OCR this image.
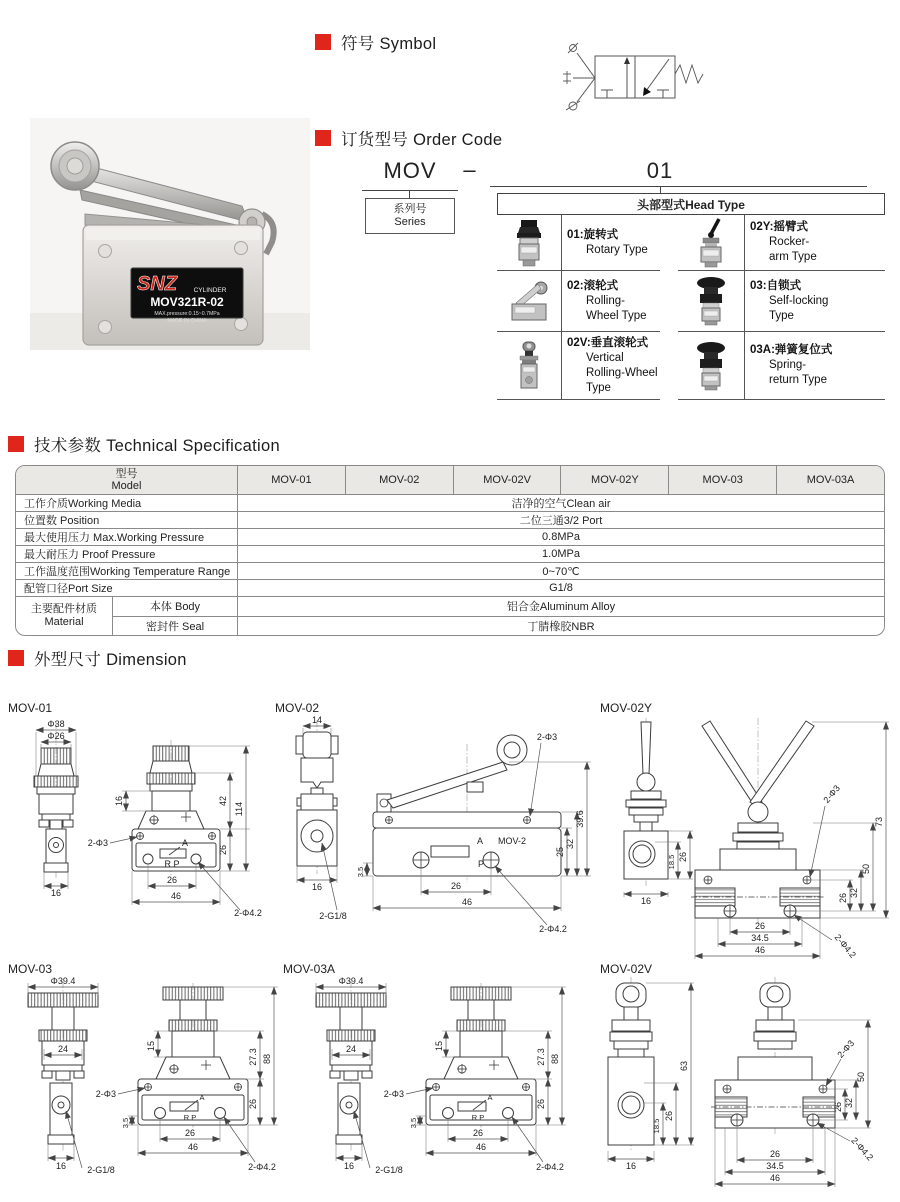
符号 Symbol
SNZ	CYLINDER
MOV321R-02
MAX.pressure:0.15~0.7MPa
MADE IN CHINA
订货型号 Order Code
MOV	–	01
系列号
Series
头部型式Head Type
01:旋转式
Rotary Type
02:滚轮式
Rolling-
Wheel Type
02V:垂直滚轮式
Vertical
Rolling-Wheel
Type
02Y:摇臂式
Rocker-
arm Type
03:自锁式
Self-locking
Type
03A:弹簧复位式
Spring-
return Type
技术参数 Technical Specification
型号
Model	MOV-01	MOV-02	MOV-02V	MOV-02Y	MOV-03	MOV-03A
工作介质Working Media	洁净的空气Clean air
位置数 Position	二位三通3/2 Port
最大使用压力 Max.Working Pressure	0.8MPa
最大耐压力 Proof Pressure	1.0MPa
工作温度范围Working Temperature Range	0~70℃
配管口径Port Size	G1/8
主要配件材质
Material
本体 Body	铝合金Aluminum Alloy
密封件 Seal	丁腈橡胶NBR
外型尺寸 Dimension
MOV-01	MOV-02	MOV-02Y
MOV-03	MOV-03A	MOV-02V
Φ38
Φ26
16
16	42
26
114
2-Φ3	A
R P
26
46
2-Φ4.2
14
16
2-G1/8
2-Φ3
25
32
39.6
A MOV-2
P
3.5
26
46
2-Φ4.2
16
18.5 26
2-Φ3
26 32
50
73
26
34.5
46	2-Φ4.2
Φ39.4
24
16 2-G1/8
15
27.3
26
88
2-Φ3
3.5
A
R P
26
46
2-Φ4.2
Φ39.4
24
16 2-G1/8
15
27.3
26
88
2-Φ3
3.5
A
R P
26
46
2-Φ4.2
63
26
18.5
16
2-Φ3
26 32
50
26
34.5
46
2-Φ4.2
